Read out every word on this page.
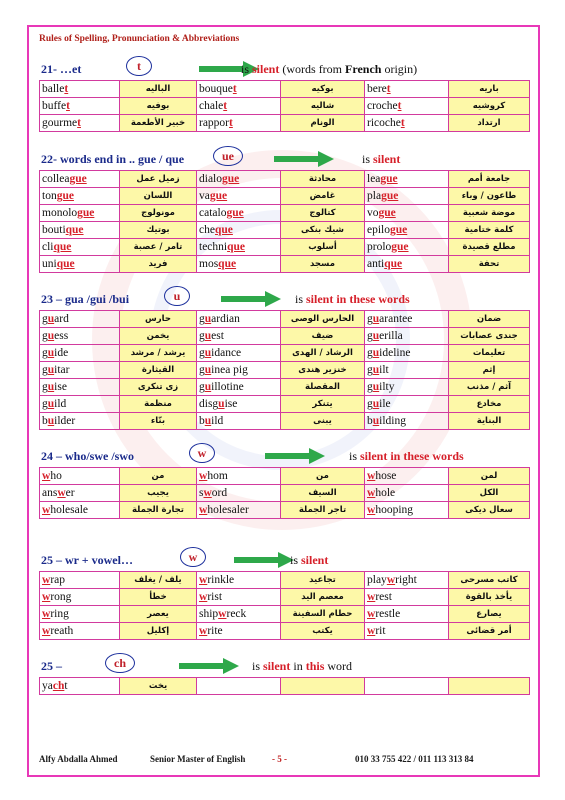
Rules of Spelling, Pronunciation & Abbreviations
21- …et	t	is silent (words from French origin)
ballet	الباليه	bouquet	بوكيه	beret	باريه
buffet	بوفيه	chalet	شاليه	crochet	كروشيه
gourmet	خبير الأطعمة	rapport	الونام	ricochet	ارتداد
22- words end in .. gue / que	ue	is silent
colleague	زميل عمل	dialogue	محادثة	league	جامعة أمم
tongue	اللسان	vague	غامض	plague	طاعون / وباء
monologue	مونولوج	catalogue	كتالوج	vogue	موضة شعبية
boutique	بوتيك	cheque	شيك بنكى	epilogue	كلمة ختامية
clique	تامر / عصبة	technique	أسلوب	prologue	مطلع قصيدة
unique	فريد	mosque	مسجد	antique	تحفة
23 – gua /gui /bui	u	is silent in these words
guard	حارس	guardian	الحارس الوصى	guarantee	ضمان
guess	يخمن	guest	ضيف	guerilla	جندى عصابات
guide	يرشد / مرشد	guidance	الرشاد / الهدى	guideline	تعليمات
guitar	القيثارة	guinea pig	خنزير هندى	guilt	إثم
guise	زى تنكرى	guillotine	المقصلة	guilty	آثم / مذنب
guild	منظمة	disguise	يتنكر	guile	مخادع
builder	بنّاء	build	يبنى	building	البناية
24 – who/swe /swo	w	is silent in these words
who	من	whom	من	whose	لمن
answer	يجيب	sword	السيف	whole	الكل
wholesale	تجارة الجملة	wholesaler	تاجر الجملة	whooping	سعال ديكى
25 – wr + vowel…	w	is silent
wrap	يلف / يغلف	wrinkle	تجاعيد	playwright	كاتب مسرحى
wrong	خطأ	wrist	معصم اليد	wrest	يأخذ بالقوة
wring	يعصر	shipwreck	حطام السفينة	wrestle	يصارع
wreath	إكليل	write	يكتب	writ	أمر قضائى
25 –	ch	is silent in this word
yacht	يخت				
Alfy Abdalla Ahmed	Senior Master of English	- 5 -	010 33 755 422 / 011 113 313 84
